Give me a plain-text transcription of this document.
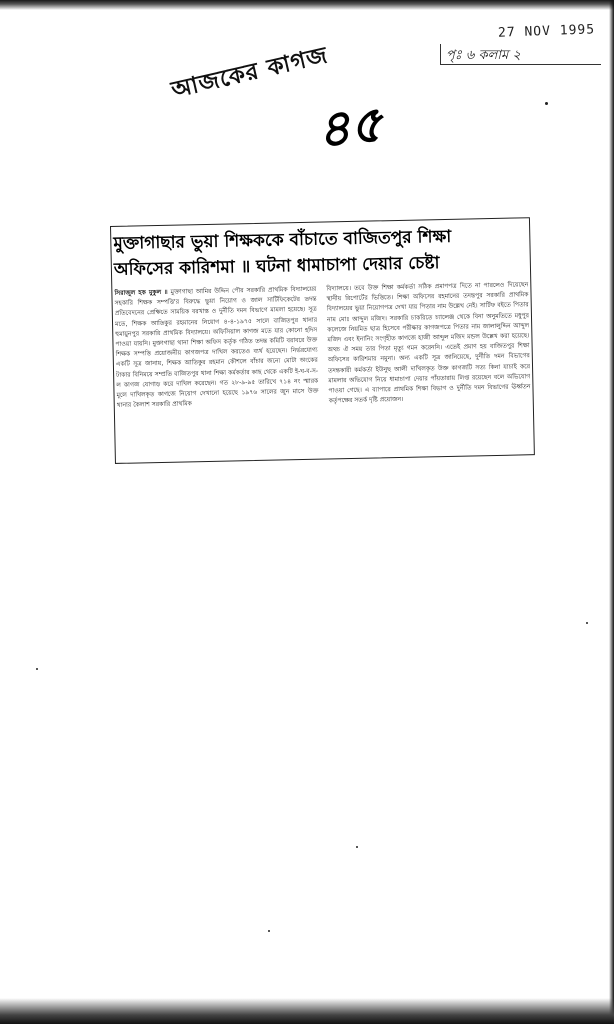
27 NOV 1995
পৃঃ ৬ কলাম ২
আজকের কাগজ
৪৫
মুক্তাগাছার ভুয়া শিক্ষককে বাঁচাতে বাজিতপুর শিক্ষা
অফিসের কারিশমা ॥ ঘটনা ধামাচাপা দেয়ার চেষ্টা
সিরাজুল হক মুকুল ॥ মুক্তাগাছা আমির উদ্দিন পৌর সরকারি প্রাথমিক বিদ্যালয়ের সহকারি শিক্ষক সম্পত্তি'র বিরুদ্ধে ভুয়া নিয়োগ ও জাল সার্টিফিকেটের তদন্ত প্রতিবেদনের প্রেক্ষিতে সাময়িক বরখাস্ত ও দুর্নীতি দমন বিভাগে মামলা হয়েছে। সূত্র মতে, শিক্ষক আতিকুর রহমানের নিয়োগ ৪-৪-১৯৭৫ সালে বাজিতপুর থানার হুমায়ুনপুর সরকারি প্রাথমিক বিদ্যালয়ে। অফিসিয়াল কাগজ মতে যার কোনো হদিস পাওয়া যায়নি। মুক্তাগাছা থানা শিক্ষা অফিস কর্তৃক গঠিত তদন্ত কমিটি বরাবরে উক্ত শিক্ষক সম্পত্তি প্রয়োজনীয় কাগজপত্র দাখিল করতেও ব্যর্থ হয়েছেন। নির্ভরযোগ্য একটি সূত্র জানায়, শিক্ষক আতিকুর রহমান কৌশলে বাঁচার জন্যে মোটা অংকের টাকার বিনিময়ে সম্প্রতি বাজিতপুর থানা শিক্ষা কর্মকর্তার কাছ থেকে একটি ই-ঘ-ব-স-ল কাগজ যোগাড় করে দাখিল করেছেন। গত ২৮-৯-৯৫ তারিখে ৭১৪ নং স্মারক মূলে দাখিলকৃত কাগজে নিয়োগ দেখানো হয়েছে ১৯৭৬ সালের জুন মাসে উক্ত থানার কৈলাশ সরকারি প্রাথমিক
বিদ্যালয়ে। তবে উক্ত শিক্ষা কর্মকর্তা সঠিক প্রমাণপত্র দিতে না পারলেও দিয়েছেন স্থানীয় রিপোর্টের ভিত্তিতে। শিক্ষা অফিসের রহমানের তদন্তপুর সরকারি প্রাথমিক বিদ্যালয়ের ভুয়া নিয়োগপত্র দেখা যায় পিতার নাম উল্লেখ নেই। সার্টিফ বইতে পিতার নাম মোঃ আব্দুল মজিদ। সরকারি চাকরিতে চ্যালেঞ্জ থেকে বিনা অনুমতিতে মধুপুর কলেজে নিয়মিত ছাত্র হিসেবে পরীক্ষার কাগজপত্রে পিতার নাম জালালুদ্দিন আব্দুল মজিদ এবং ইনানিং সংগৃহীত কাগজে হাজী আব্দুল মজিদ মন্ডল উল্লেখ করা হয়েছে। অথচ ঐ সময় তার পিতা মৃত্যু গমন করেননি। এতেই প্রমাণ হয় বাজিতপুর শিক্ষা অফিসের কারিশমার নমুনা। অন্য একটি সূত্র জানিয়েছে, দুর্নীতি দমন বিভাগের তদন্তকারী কর্মকর্তা ইউনুছ আলী দাখিলকৃত উক্ত কাগজটি সত্য কিনা যাচাই করে মামলার অভিযোগ নিয়ে ধামাচাপা দেয়ার পাঁয়তারায় লিপ্ত রয়েছেন বলে অভিযোগ পাওয়া গেছে। এ ব্যাপারে প্রাথমিক শিক্ষা বিভাগ ও দুর্নীতি দমন বিভাগের ঊর্ধ্বতন কর্তৃপক্ষের সতর্ক দৃষ্টি প্রয়োজন।
